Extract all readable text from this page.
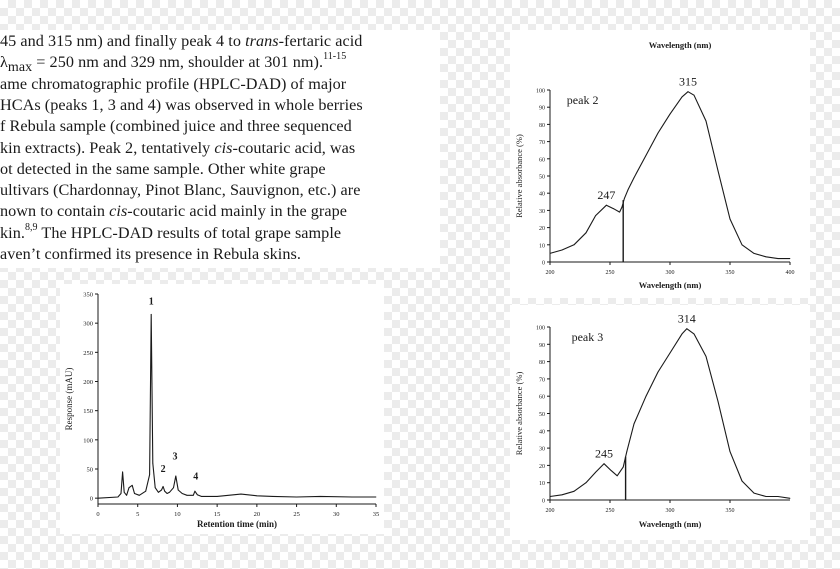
45 and 315 nm) and finally peak 4 to trans-fertaric acid
$\lambda_{max} = 250$ nm and 329 nm, shoulder at 301 nm).$^{11-15}$
ame chromatographic profile (HPLC-DAD) of major
HCAs (peaks 1, 3 and 4) was observed in whole berries
f Rebula sample (combined juice and three sequenced
kin extracts). Peak 2, tentatively cis-coutaric acid, was
ot detected in the same sample. Other white grape
ultivars (Chardonnay, Pinot Blanc, Sauvignon, etc.) are
nown to contain cis-coutaric acid mainly in the grape
kin.$^{8,9}$ The HPLC-DAD results of total grape sample
aven’t confirmed its presence in Rebula skins.
0	5	10	15	20	25	30	35
0
50
100
150
200
250
300
350
Retention time (min)
Response (mAU)
1
2
3
4
200	250	300	350	400
0
10
20
30
40
50
60
70
80
90
100
Wavelength (nm)
Relative absorbance (%)
Wavelength (nm)
peak 2
247
315
200	250	300	350
0
10
20
30
40
50
60
70
80
90
100
Wavelength (nm)
Relative absorbance (%)
peak 3
245
314
